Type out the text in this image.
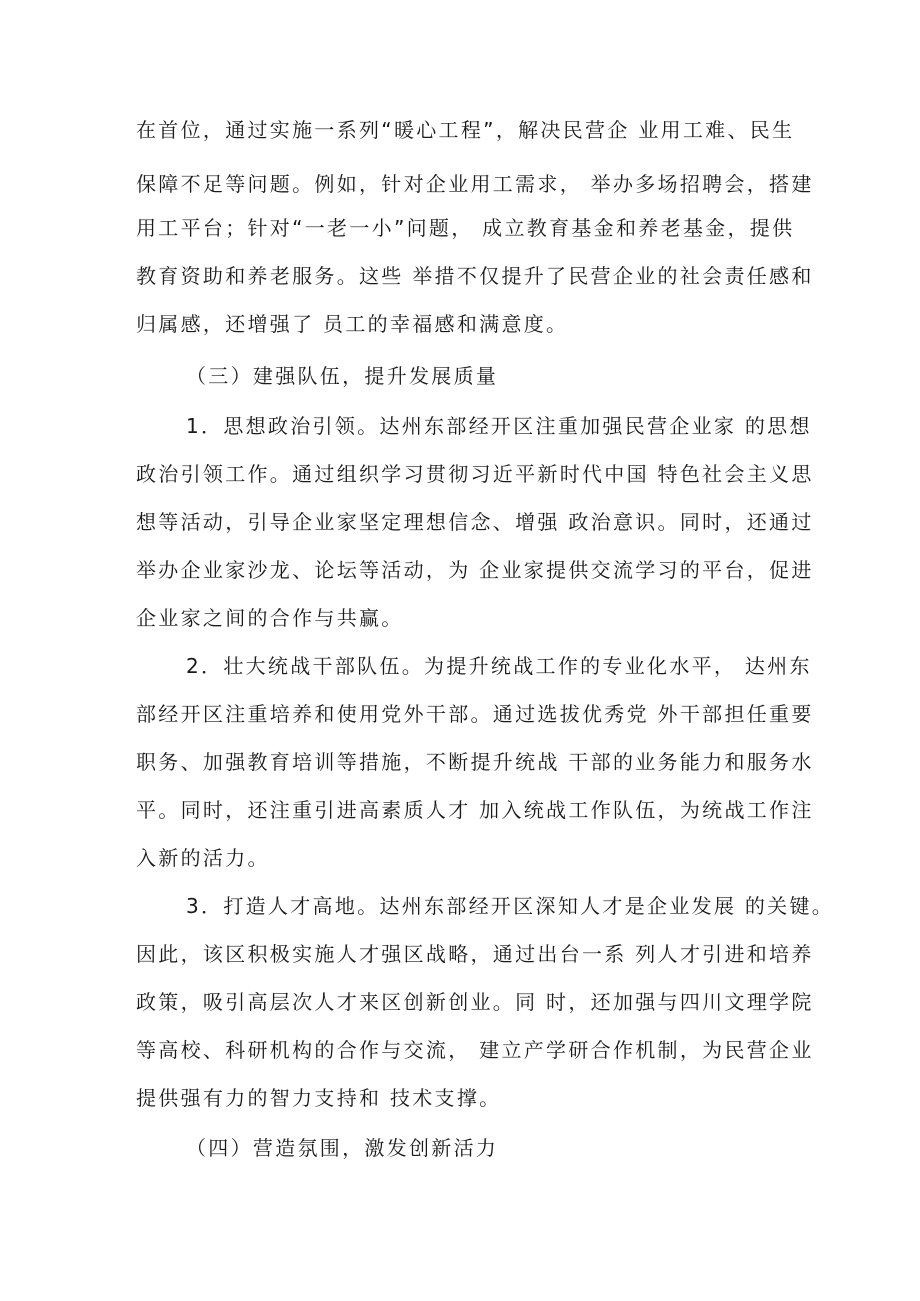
在首位，通过实施一系列“暖心工程”，解决民营企 业用工难、民生
保障不足等问题。例如，针对企业用工需求， 举办多场招聘会，搭建
用工平台；针对“一老一小”问题， 成立教育基金和养老基金，提供
教育资助和养老服务。这些 举措不仅提升了民营企业的社会责任感和
归属感，还增强了 员工的幸福感和满意度。
（三）建强队伍，提升发展质量
1．思想政治引领。达州东部经开区注重加强民营企业家 的思想
政治引领工作。通过组织学习贯彻习近平新时代中国 特色社会主义思
想等活动，引导企业家坚定理想信念、增强 政治意识。同时，还通过
举办企业家沙龙、论坛等活动，为 企业家提供交流学习的平台，促进
企业家之间的合作与共赢。
2．壮大统战干部队伍。为提升统战工作的专业化水平， 达州东
部经开区注重培养和使用党外干部。通过选拔优秀党 外干部担任重要
职务、加强教育培训等措施，不断提升统战 干部的业务能力和服务水
平。同时，还注重引进高素质人才 加入统战工作队伍，为统战工作注
入新的活力。
3．打造人才高地。达州东部经开区深知人才是企业发展 的关键。
因此，该区积极实施人才强区战略，通过出台一系 列人才引进和培养
政策，吸引高层次人才来区创新创业。同 时，还加强与四川文理学院
等高校、科研机构的合作与交流， 建立产学研合作机制，为民营企业
提供强有力的智力支持和 技术支撑。
（四）营造氛围，激发创新活力
